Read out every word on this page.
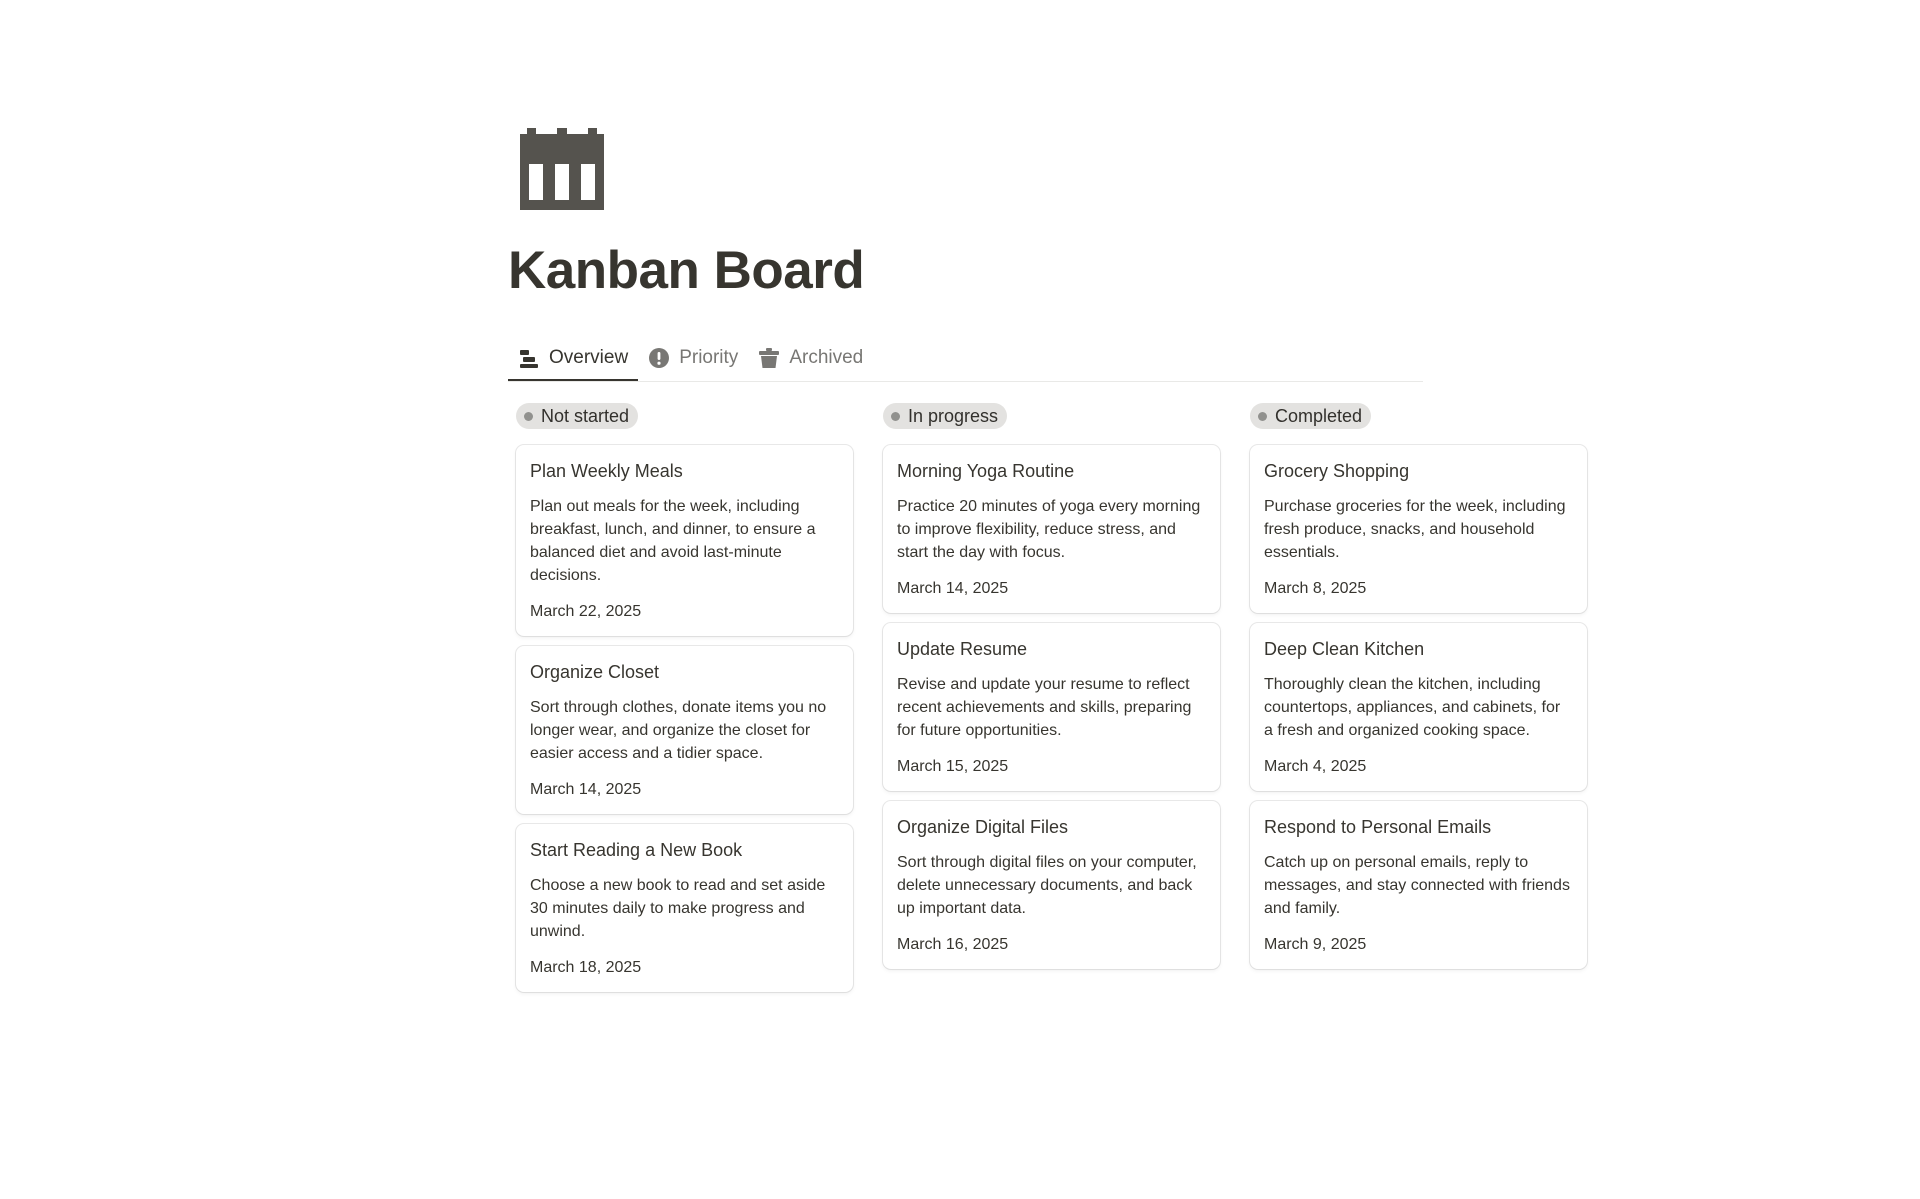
Kanban Board
Overview	Priority	Archived
Not started
Plan Weekly Meals
Plan out meals for the week, including breakfast, lunch, and dinner, to ensure a balanced diet and avoid last-minute decisions.
March 22, 2025
Organize Closet
Sort through clothes, donate items you no longer wear, and organize the closet for easier access and a tidier space.
March 14, 2025
Start Reading a New Book
Choose a new book to read and set aside 30 minutes daily to make progress and unwind.
March 18, 2025
In progress
Morning Yoga Routine
Practice 20 minutes of yoga every morning to improve flexibility, reduce stress, and start the day with focus.
March 14, 2025
Update Resume
Revise and update your resume to reflect recent achievements and skills, preparing for future opportunities.
March 15, 2025
Organize Digital Files
Sort through digital files on your computer, delete unnecessary documents, and back up important data.
March 16, 2025
Completed
Grocery Shopping
Purchase groceries for the week, including fresh produce, snacks, and household essentials.
March 8, 2025
Deep Clean Kitchen
Thoroughly clean the kitchen, including countertops, appliances, and cabinets, for a fresh and organized cooking space.
March 4, 2025
Respond to Personal Emails
Catch up on personal emails, reply to messages, and stay connected with friends and family.
March 9, 2025
